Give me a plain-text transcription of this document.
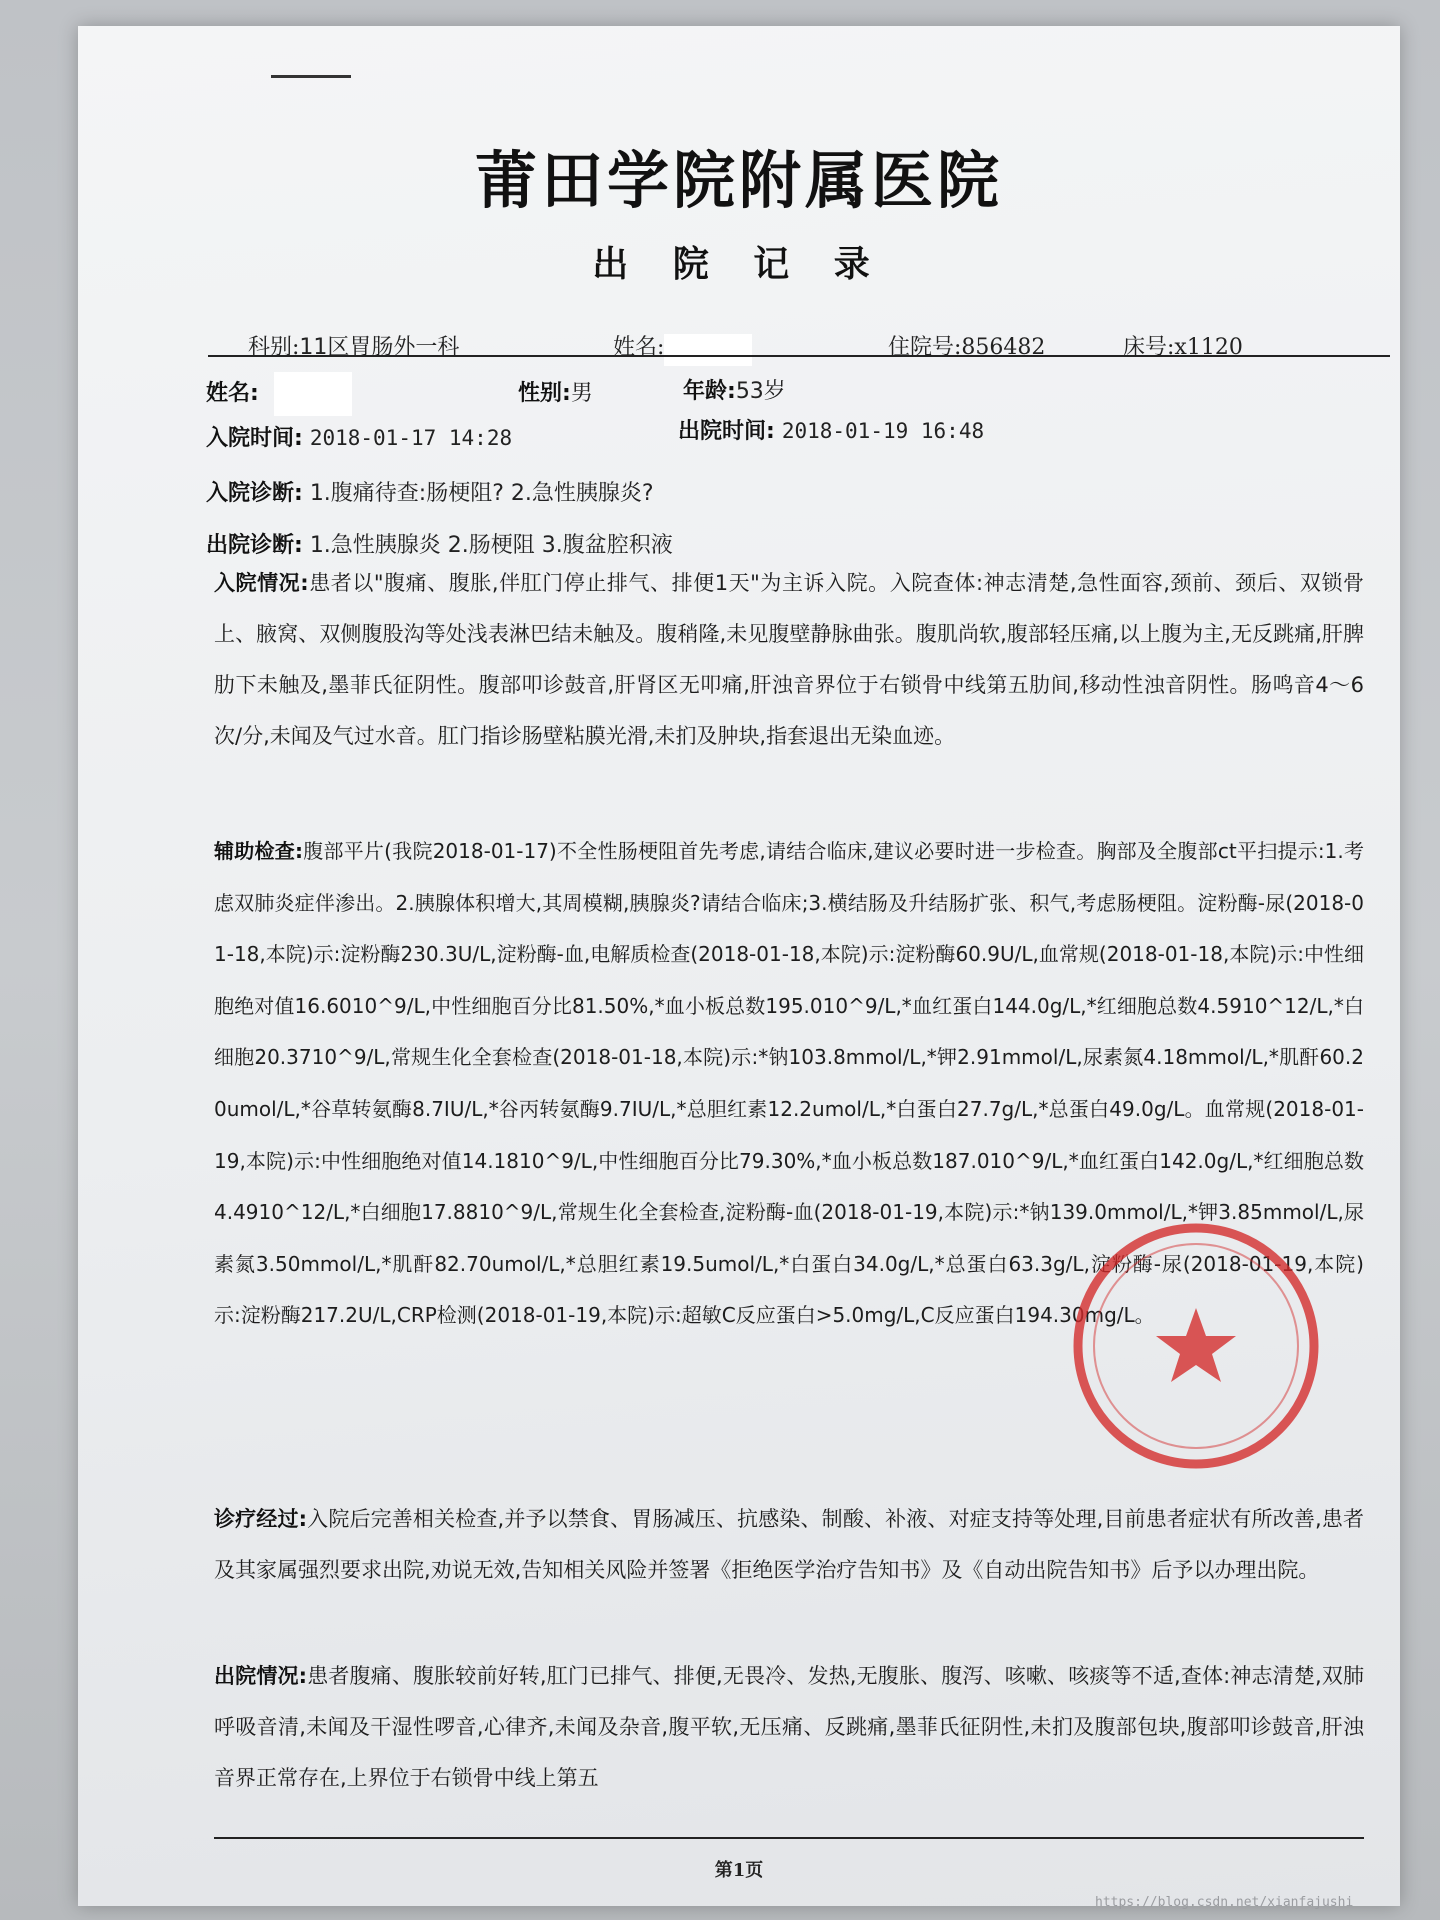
莆田学院附属医院
出 院 记 录
科别:11区胃肠外一科	姓名:	住院号:856482	床号:x1120
姓名:	性别:男	年龄:53岁
入院时间: 2018-01-17 14:28	出院时间: 2018-01-19 16:48
入院诊断: 1.腹痛待查:肠梗阻? 2.急性胰腺炎?
出院诊断: 1.急性胰腺炎 2.肠梗阻 3.腹盆腔积液
入院情况:患者以"腹痛、腹胀,伴肛门停止排气、排便1天"为主诉入院。入院查体:神志清楚,急性面容,颈前、颈后、双锁骨上、腋窝、双侧腹股沟等处浅表淋巴结未触及。腹稍隆,未见腹壁静脉曲张。腹肌尚软,腹部轻压痛,以上腹为主,无反跳痛,肝脾肋下未触及,墨菲氏征阴性。腹部叩诊鼓音,肝肾区无叩痛,肝浊音界位于右锁骨中线第五肋间,移动性浊音阴性。肠鸣音4～6次/分,未闻及气过水音。肛门指诊肠壁粘膜光滑,未扪及肿块,指套退出无染血迹。
辅助检查:腹部平片(我院2018-01-17)不全性肠梗阻首先考虑,请结合临床,建议必要时进一步检查。胸部及全腹部ct平扫提示:1.考虑双肺炎症伴渗出。2.胰腺体积增大,其周模糊,胰腺炎?请结合临床;3.横结肠及升结肠扩张、积气,考虑肠梗阻。淀粉酶-尿(2018-01-18,本院)示:淀粉酶230.3U/L,淀粉酶-血,电解质检查(2018-01-18,本院)示:淀粉酶60.9U/L,血常规(2018-01-18,本院)示:中性细胞绝对值16.6010^9/L,中性细胞百分比81.50%,*血小板总数195.010^9/L,*血红蛋白144.0g/L,*红细胞总数4.5910^12/L,*白细胞20.3710^9/L,常规生化全套检查(2018-01-18,本院)示:*钠103.8mmol/L,*钾2.91mmol/L,尿素氮4.18mmol/L,*肌酐60.20umol/L,*谷草转氨酶8.7IU/L,*谷丙转氨酶9.7IU/L,*总胆红素12.2umol/L,*白蛋白27.7g/L,*总蛋白49.0g/L。血常规(2018-01-19,本院)示:中性细胞绝对值14.1810^9/L,中性细胞百分比79.30%,*血小板总数187.010^9/L,*血红蛋白142.0g/L,*红细胞总数4.4910^12/L,*白细胞17.8810^9/L,常规生化全套检查,淀粉酶-血(2018-01-19,本院)示:*钠139.0mmol/L,*钾3.85mmol/L,尿素氮3.50mmol/L,*肌酐82.70umol/L,*总胆红素19.5umol/L,*白蛋白34.0g/L,*总蛋白63.3g/L,淀粉酶-尿(2018-01-19,本院)示:淀粉酶217.2U/L,CRP检测(2018-01-19,本院)示:超敏C反应蛋白>5.0mg/L,C反应蛋白194.30mg/L。
诊疗经过:入院后完善相关检查,并予以禁食、胃肠减压、抗感染、制酸、补液、对症支持等处理,目前患者症状有所改善,患者及其家属强烈要求出院,劝说无效,告知相关风险并签署《拒绝医学治疗告知书》及《自动出院告知书》后予以办理出院。
出院情况:患者腹痛、腹胀较前好转,肛门已排气、排便,无畏冷、发热,无腹胀、腹泻、咳嗽、咳痰等不适,查体:神志清楚,双肺呼吸音清,未闻及干湿性啰音,心律齐,未闻及杂音,腹平软,无压痛、反跳痛,墨菲氏征阴性,未扪及腹部包块,腹部叩诊鼓音,肝浊音界正常存在,上界位于右锁骨中线上第五
第1页
https://blog.csdn.net/xianfajushi
